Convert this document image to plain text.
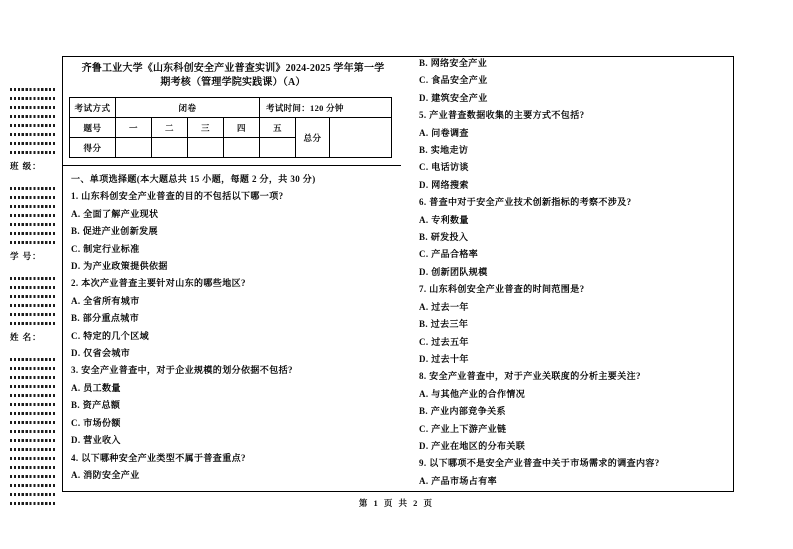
班 级：
学 号：
姓 名：
齐鲁工业大学《山东科创安全产业普查实训》2024-2025 学年第一学
期考核（管理学院实践课）（A）
考试方式	闭卷				考试时间：120 分钟		
题号	一	二	三	四	五	总分	
得分							
一、单项选择题(本大题总共 15 小题，每题 2 分，共 30 分)
1. 山东科创安全产业普查的目的不包括以下哪一项?
A. 全面了解产业现状
B. 促进产业创新发展
C. 制定行业标准
D. 为产业政策提供依据
2. 本次产业普查主要针对山东的哪些地区?
A. 全省所有城市
B. 部分重点城市
C. 特定的几个区域
D. 仅省会城市
3. 安全产业普查中，对于企业规模的划分依据不包括?
A. 员工数量
B. 资产总额
C. 市场份额
D. 营业收入
4. 以下哪种安全产业类型不属于普查重点?
A. 消防安全产业
B. 网络安全产业
C. 食品安全产业
D. 建筑安全产业
5. 产业普查数据收集的主要方式不包括?
A. 问卷调查
B. 实地走访
C. 电话访谈
D. 网络搜索
6. 普查中对于安全产业技术创新指标的考察不涉及?
A. 专利数量
B. 研发投入
C. 产品合格率
D. 创新团队规模
7. 山东科创安全产业普查的时间范围是?
A. 过去一年
B. 过去三年
C. 过去五年
D. 过去十年
8. 安全产业普查中，对于产业关联度的分析主要关注?
A. 与其他产业的合作情况
B. 产业内部竞争关系
C. 产业上下游产业链
D. 产业在地区的分布关联
9. 以下哪项不是安全产业普查中关于市场需求的调查内容?
A. 产品市场占有率
第 1 页 共 2 页
